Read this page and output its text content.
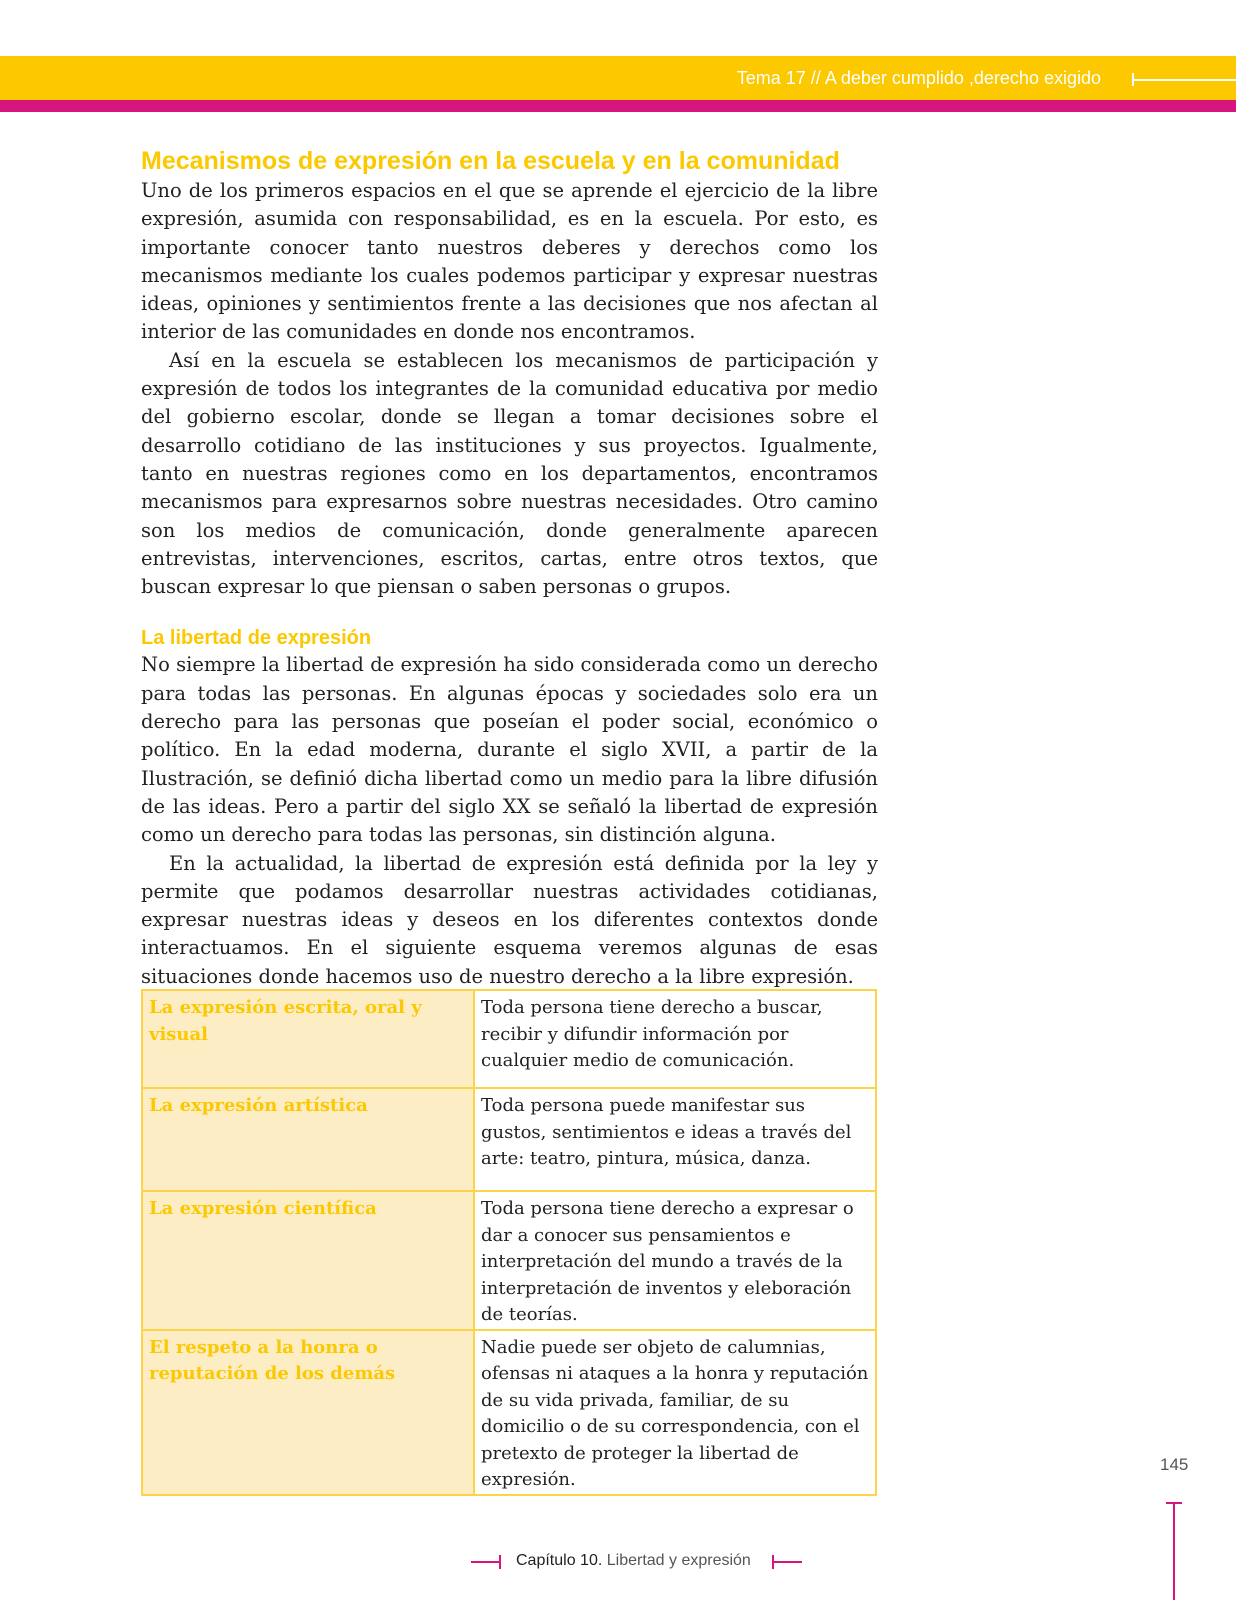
Tema 17 // A deber cumplido ,derecho exigido
Mecanismos de expresión en la escuela y en la comunidad

Uno de los primeros espacios en el que se aprende el ejercicio de la libre expresión, asumida con responsabilidad, es en la escuela. Por esto, es importante conocer tanto nuestros deberes y derechos como los mecanismos mediante los cuales podemos participar y expresar nuestras ideas, opiniones y sentimientos frente a las decisiones que nos afectan al interior de las comunidades en donde nos encontramos.

Así en la escuela se establecen los mecanismos de participación y expresión de todos los integrantes de la comunidad educativa por medio del gobierno escolar, donde se llegan a tomar decisiones sobre el desarrollo cotidiano de las instituciones y sus proyectos. Igualmente, tanto en nuestras regiones como en los departamentos, encontramos mecanismos para expresarnos sobre nuestras necesidades. Otro camino son los medios de comunicación, donde generalmente aparecen entrevistas, intervenciones, escritos, cartas, entre otros textos, que buscan expresar lo que piensan o saben personas o grupos.

La libertad de expresión

No siempre la libertad de expresión ha sido considerada como un derecho para todas las personas. En algunas épocas y sociedades solo era un derecho para las personas que poseían el poder social, económico o político. En la edad moderna, durante el siglo XVII, a partir de la Ilustración, se definió dicha libertad como un medio para la libre difusión de las ideas. Pero a partir del siglo XX se señaló la libertad de expresión como un derecho para todas las personas, sin distinción alguna.

En la actualidad, la libertad de expresión está definida por la ley y permite que podamos desarrollar nuestras actividades cotidianas, expresar nuestras ideas y deseos en los diferentes contextos donde interactuamos. En el siguiente esquema veremos algunas de esas situaciones donde hacemos uso de nuestro derecho a la libre expresión.

La expresión escrita, oral y visual	Toda persona tiene derecho a buscar, recibir y difundir información por cualquier medio de comunicación.
La expresión artística	Toda persona puede manifestar sus gustos, sentimientos e ideas a través del arte: teatro, pintura, música, danza.
La expresión científica	Toda persona tiene derecho a expresar o dar a conocer sus pensamientos e interpretación del mundo a través de la interpretación de inventos y eleboración de teorías.
El respeto a la honra o reputación de los demás	Nadie puede ser objeto de calumnias, ofensas ni ataques a la honra y reputación de su vida privada, familiar, de su domicilio o de su correspondencia, con el pretexto de proteger la libertad de expresión.
145
Capítulo 10. Libertad y expresión
